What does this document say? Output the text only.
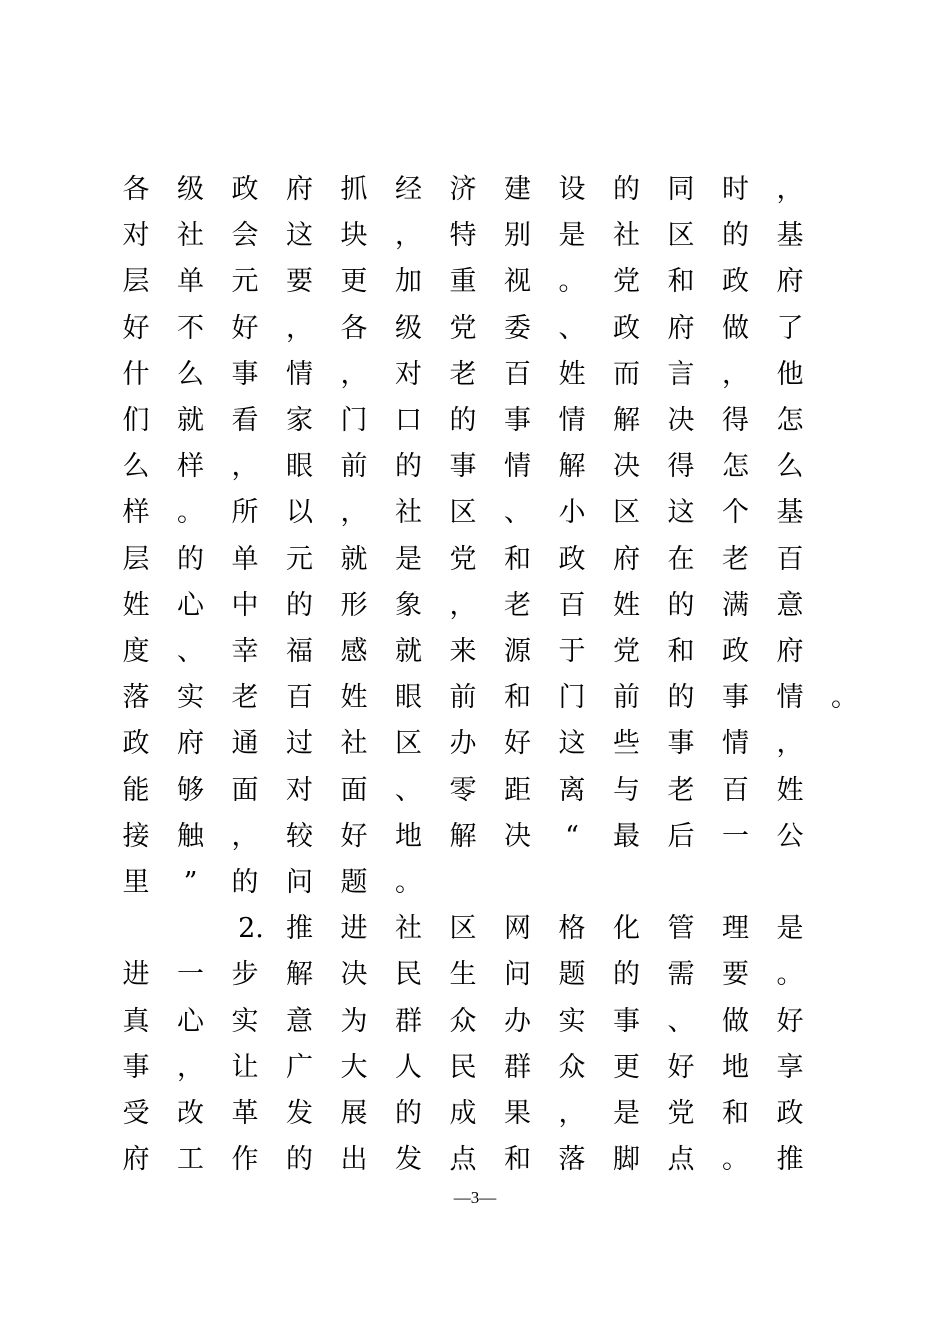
各 级 政 府 抓 经 济 建 设 的 同 时 ，
对 社 会 这 块 ， 特 别 是 社 区 的 基
层 单 元 要 更 加 重 视 。 党 和 政 府
好 不 好 ， 各 级 党 委 、 政 府 做 了
什 么 事 情 ， 对 老 百 姓 而 言 ， 他
们 就 看 家 门 口 的 事 情 解 决 得 怎
么 样 ， 眼 前 的 事 情 解 决 得 怎 么
样 。 所 以 ， 社 区 、 小 区 这 个 基
层 的 单 元 就 是 党 和 政 府 在 老 百
姓 心 中 的 形 象 ， 老 百 姓 的 满 意
度 、 幸 福 感 就 来 源 于 党 和 政 府
落 实 老 百 姓 眼 前 和 门 前 的 事 情 。
政 府 通 过 社 区 办 好 这 些 事 情 ，
能 够 面 对 面 、 零 距 离 与 老 百 姓
接 触 ， 较 好 地 解 决	“	最 后 一 公
里	”	的 问 题 。
2. 推 进 社 区 网 格 化 管 理 是
进 一 步 解 决 民 生 问 题 的 需 要 。
真 心 实 意 为 群 众 办 实 事 、 做 好
事 ， 让 广 大 人 民 群 众 更 好 地 享
受 改 革 发 展 的 成 果 ， 是 党 和 政
府 工 作 的 出 发 点 和 落 脚 点 。 推
—3—
